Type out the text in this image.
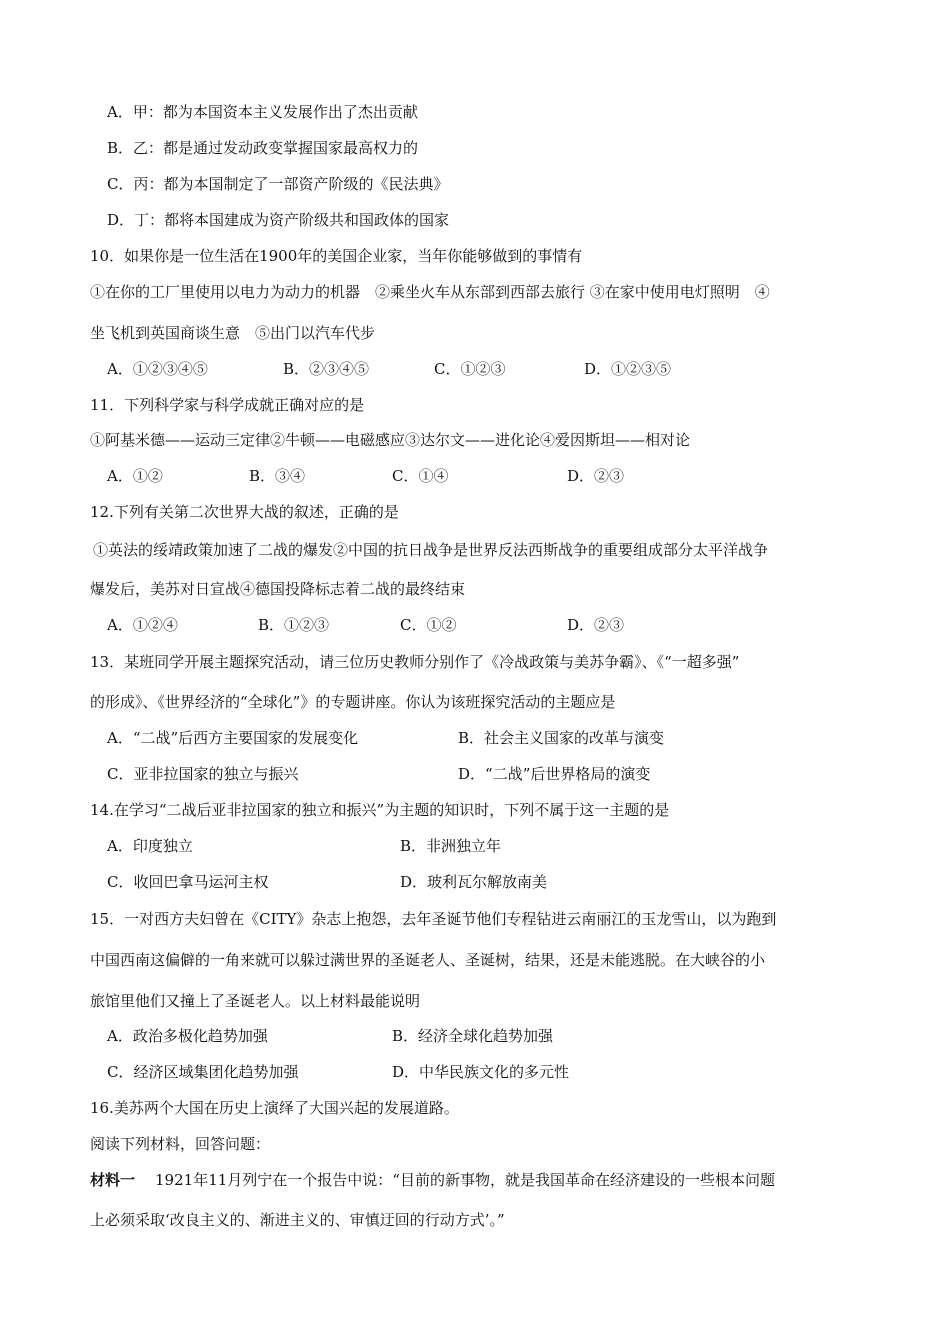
A．甲：都为本国资本主义发展作出了杰出贡献
B．乙：都是通过发动政变掌握国家最高权力的
C．丙：都为本国制定了一部资产阶级的《民法典》
D．丁：都将本国建成为资产阶级共和国政体的国家
10．如果你是一位生活在1900年的美国企业家，当年你能够做到的事情有
①在你的工厂里使用以电力为动力的机器　②乘坐火车从东部到西部去旅行 ③在家中使用电灯照明　④
坐飞机到英国商谈生意　⑤出门以汽车代步
A．①②③④⑤	B．②③④⑤	C．①②③	D．①②③⑤
11．下列科学家与科学成就正确对应的是
①阿基米德——运动三定律②牛顿——电磁感应③达尔文——进化论④爱因斯坦——相对论
A．①②	B．③④	C．①④	D．②③
12.下列有关第二次世界大战的叙述，正确的是
①英法的绥靖政策加速了二战的爆发②中国的抗日战争是世界反法西斯战争的重要组成部分太平洋战争
爆发后，美苏对日宣战④德国投降标志着二战的最终结束
A．①②④	B．①②③	C．①②	D．②③
13．某班同学开展主题探究活动，请三位历史教师分别作了《冷战政策与美苏争霸》、《“一超多强”
的形成》、《世界经济的“全球化”》的专题讲座。你认为该班探究活动的主题应是
A．“二战”后西方主要国家的发展变化	B．社会主义国家的改革与演变
C．亚非拉国家的独立与振兴	D．“二战”后世界格局的演变
14.在学习“二战后亚非拉国家的独立和振兴”为主题的知识时，下列不属于这一主题的是
A．印度独立	B．非洲独立年
C．收回巴拿马运河主权	D．玻利瓦尔解放南美
15．一对西方夫妇曾在《CITY》杂志上抱怨，去年圣诞节他们专程钻进云南丽江的玉龙雪山，以为跑到
中国西南这偏僻的一角来就可以躲过满世界的圣诞老人、圣诞树，结果，还是未能逃脱。在大峡谷的小
旅馆里他们又撞上了圣诞老人。以上材料最能说明
A．政治多极化趋势加强	B．经济全球化趋势加强
C．经济区域集团化趋势加强	D．中华民族文化的多元性
16.美苏两个大国在历史上演绎了大国兴起的发展道路。
阅读下列材料，回答问题：
材料一 1921年11月列宁在一个报告中说：“目前的新事物，就是我国革命在经济建设的一些根本问题
上必须采取‘改良主义的、渐进主义的、审慎迂回的行动方式’。”
